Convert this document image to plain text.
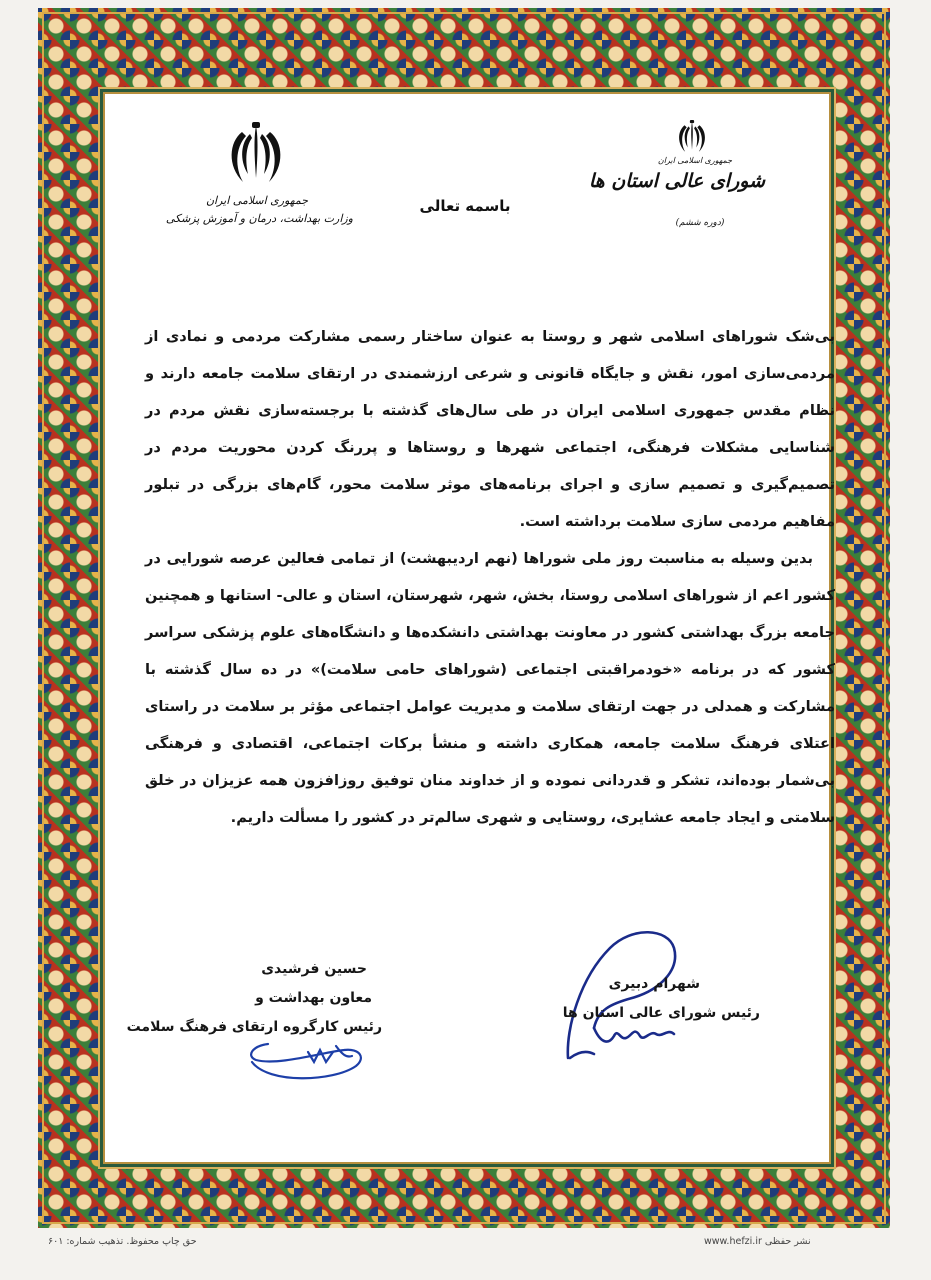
جمهوری اسلامی ایران
وزارت بهداشت، درمان و آموزش پزشکی
باسمه تعالی
جمهوری اسلامی ایران
شورای عالی استان ها
(دوره ششم)

بی‌شک شوراهای اسلامی شهر و روستا به عنوان ساختار رسمی مشارکت مردمی و نمادی از مردمی‌سازی امور، نقش و جایگاه قانونی و شرعی ارزشمندی در ارتقای سلامت جامعه دارند و نظام مقدس جمهوری اسلامی ایران در طی سال‌های گذشته با برجسته‌سازی نقش مردم در شناسایی مشکلات فرهنگی، اجتماعی شهرها و روستاها و پررنگ کردن محوریت مردم در تصمیم‌گیری و تصمیم سازی و اجرای برنامه‌های موثر سلامت محور، گام‌های بزرگی در تبلور مفاهیم مردمی سازی سلامت برداشته است.

بدین وسیله به مناسبت روز ملی شوراها (نهم اردیبهشت) از تمامی فعالین عرصه شورایی در کشور اعم از شوراهای اسلامی روستا، بخش، شهر، شهرستان، استان و عالی- استانها و همچنین جامعه بزرگ بهداشتی کشور در معاونت بهداشتی دانشکده‌ها و دانشگاه‌های علوم پزشکی سراسر کشور که در برنامه «خودمراقبتی اجتماعی (شوراهای حامی سلامت)» در ده سال گذشته با مشارکت و همدلی در جهت ارتقای سلامت و مدیریت عوامل اجتماعی مؤثر بر سلامت در راستای اعتلای فرهنگ سلامت جامعه، همکاری داشته و منشأ برکات اجتماعی، اقتصادی و فرهنگی بی‌شمار بوده‌اند، تشکر و قدردانی نموده و از خداوند منان توفیق روزافزون همه عزیزان در خلق سلامتی و ایجاد جامعه عشایری، روستایی و شهری سالم‌تر در کشور را مسألت داریم.

حسین فرشیدی
معاون بهداشت و
رئیس کارگروه ارتقای فرهنگ سلامت
شهرام دبیری
رئیس شورای عالی استان ها
حق چاپ محفوظ. تذهیب شماره: ۶۰۱	www.hefzi.ir نشر حفظی
